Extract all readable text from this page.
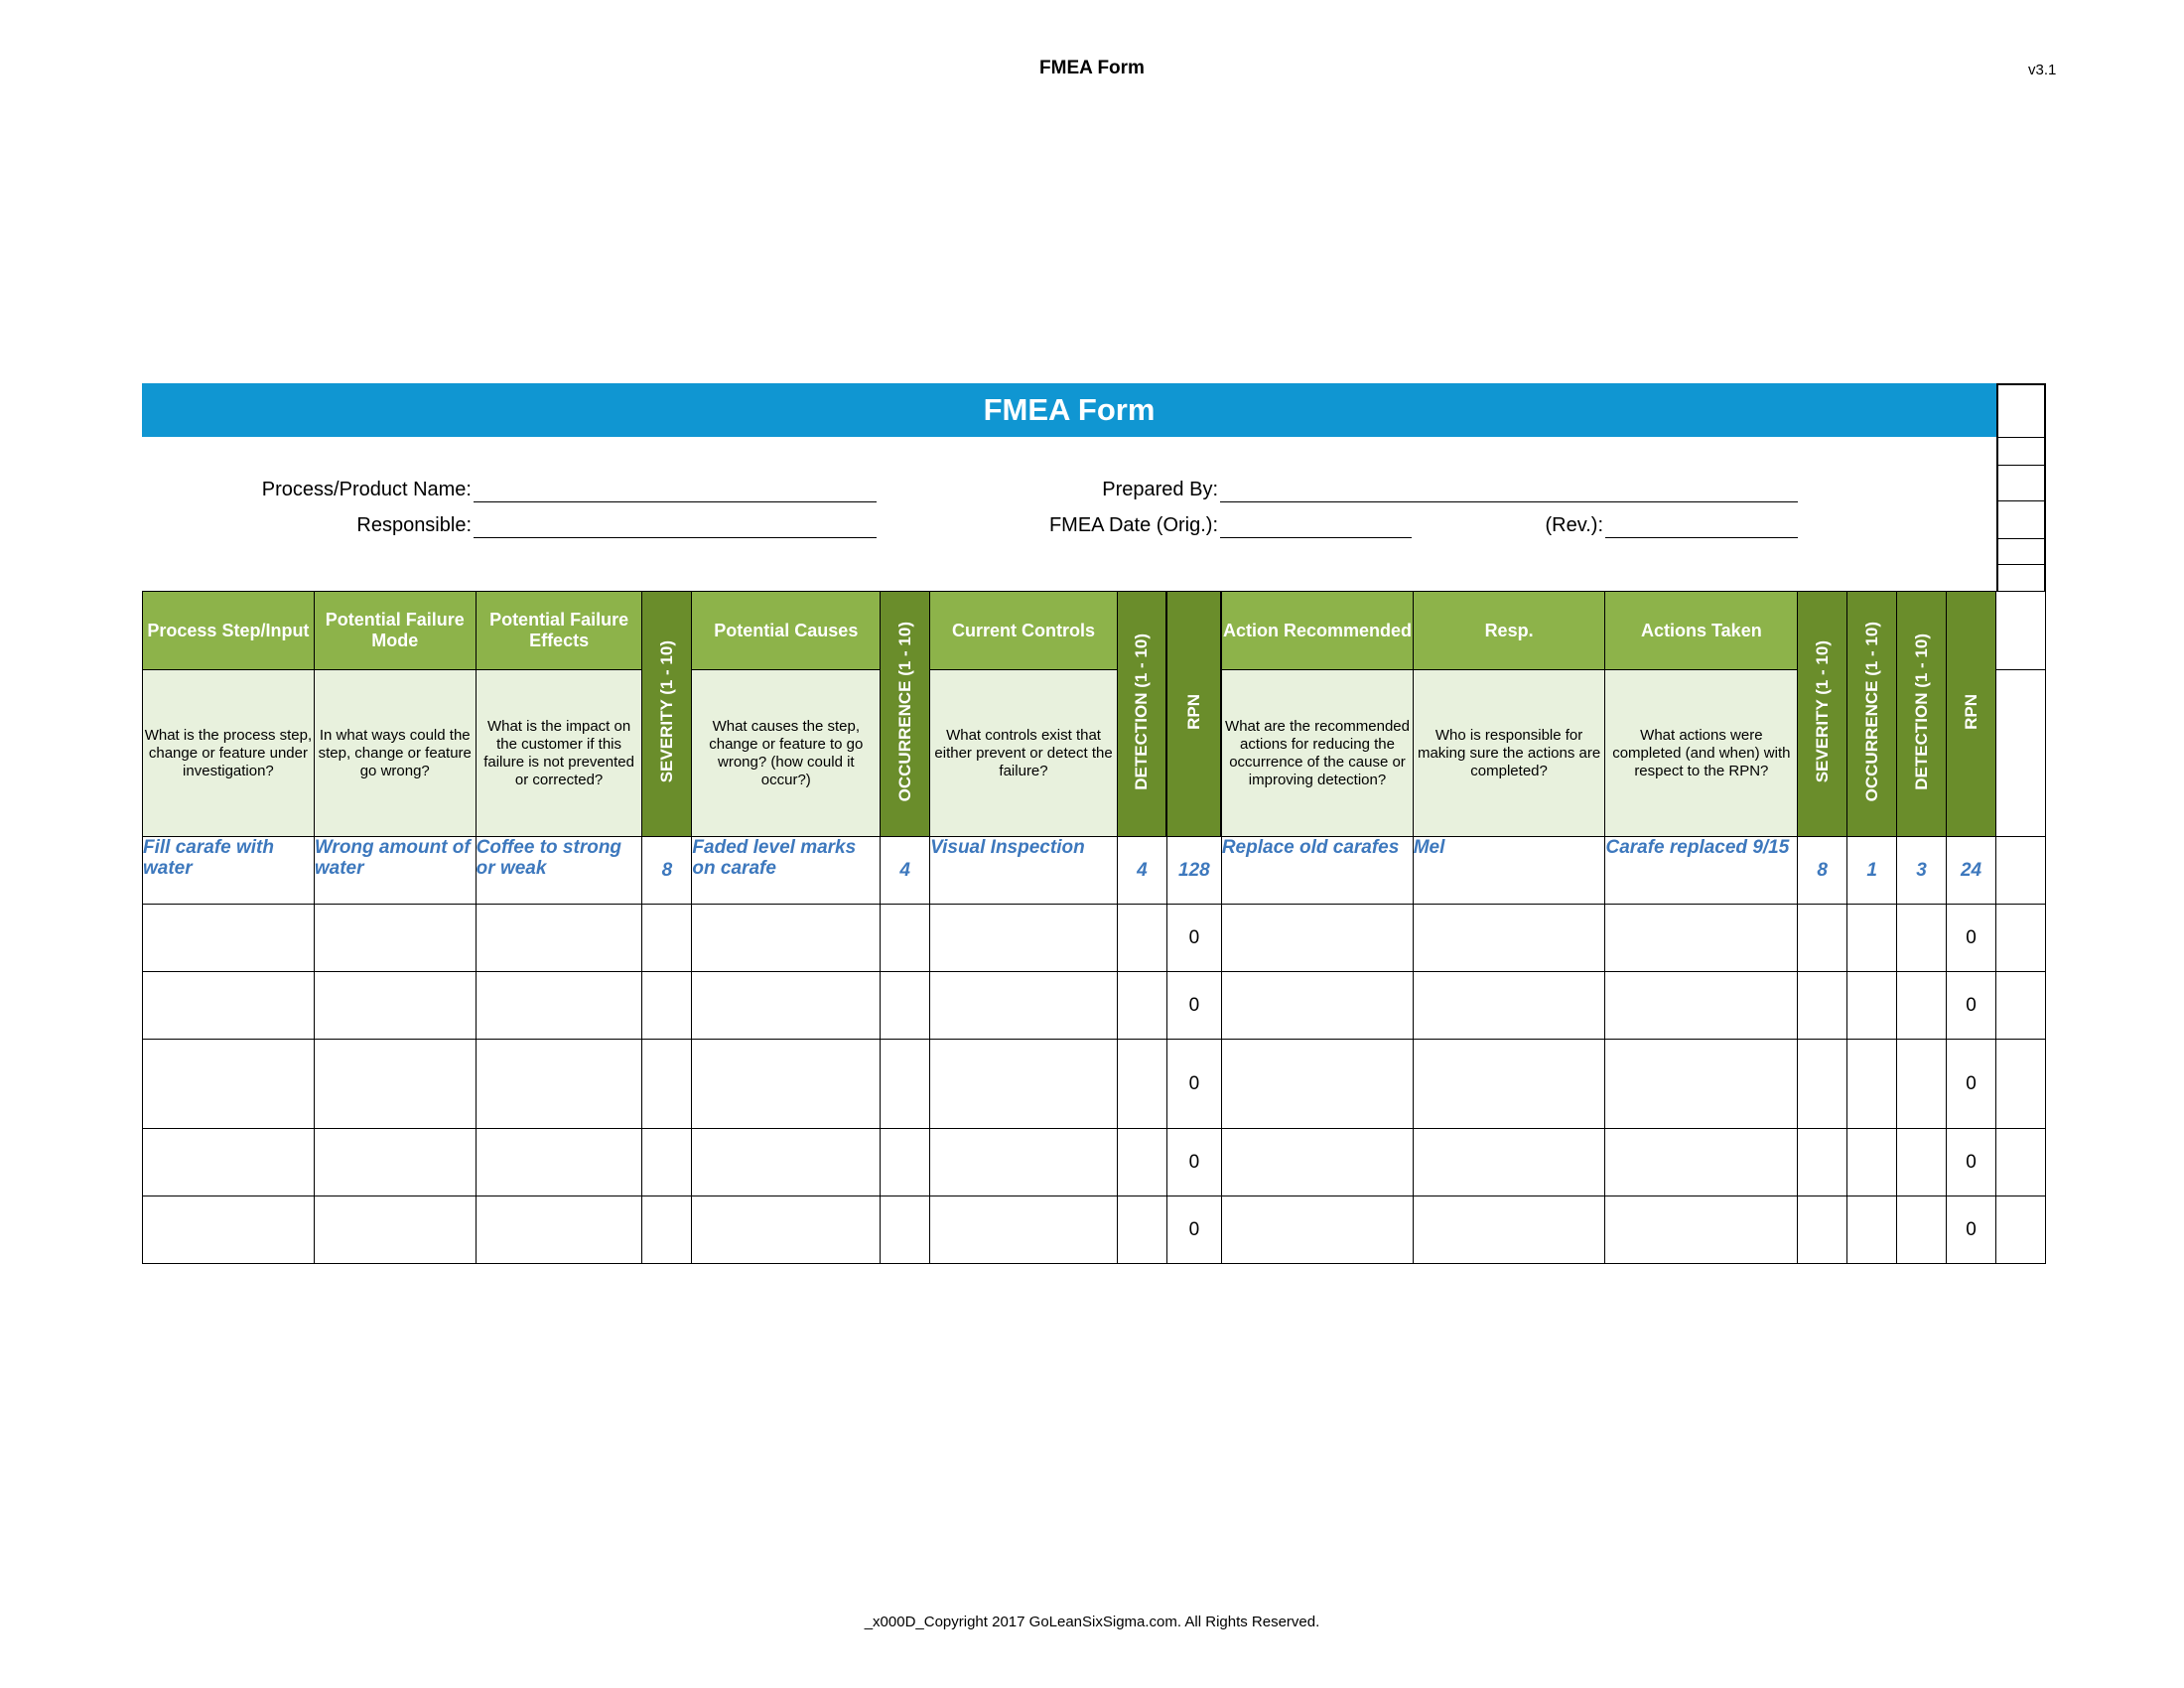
FMEA Form	v3.1
FMEA Form
Process/Product Name:
Responsible:
Prepared By:
FMEA Date (Orig.):	(Rev.):
Process Step/Input	Potential Failure Mode	Potential Failure Effects	SEVERITY (1 - 10)	Potential Causes	OCCURRENCE (1 - 10)	Current Controls	DETECTION (1 - 10)	RPN	Action Recommended	Resp.	Actions Taken	SEVERITY (1 - 10)	OCCURRENCE (1 - 10)	DETECTION (1 - 10)	RPN	
What is the process step, change or feature under investigation?	In what ways could the step, change or feature go wrong?	What is the impact on the customer if this failure is not prevented or corrected?		What causes the step, change or feature to go wrong? (how could it occur?)		What controls exist that either prevent or detect the failure?			What are the recommended actions for reducing the occurrence of the cause or improving detection?	Who is responsible for making sure the actions are completed?	What actions were completed (and when) with respect to the RPN?					
Fill carafe with water	Wrong amount of water	Coffee to strong or weak	8	Faded level marks on carafe	4	Visual Inspection	4	128	Replace old carafes	Mel	Carafe replaced 9/15	8	1	3	24	
								0							0	
								0							0	
								0							0	
								0							0	
								0							0	
_x000D_Copyright 2017 GoLeanSixSigma.com. All Rights Reserved.
